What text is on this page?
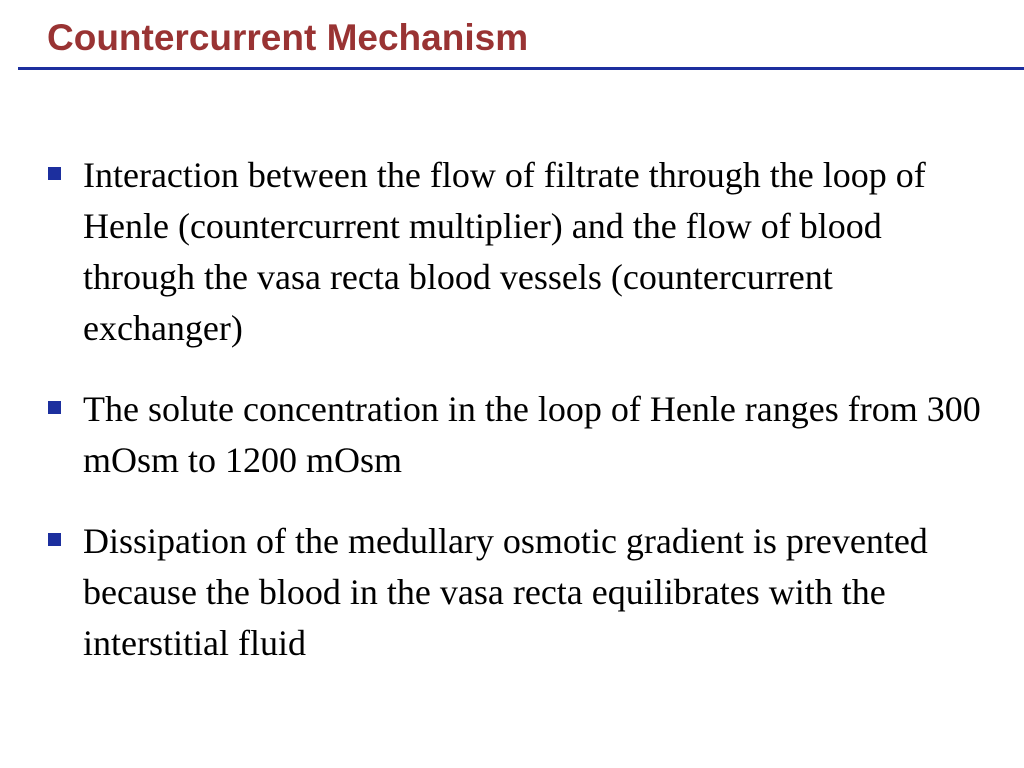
Countercurrent Mechanism
Interaction between the flow of filtrate through the loop of Henle (countercurrent multiplier) and the flow of blood through the vasa recta blood vessels (countercurrent exchanger)
The solute concentration in the loop of Henle ranges from 300 mOsm to 1200 mOsm
Dissipation of the medullary osmotic gradient is prevented because the blood in the vasa recta equilibrates with the interstitial fluid
